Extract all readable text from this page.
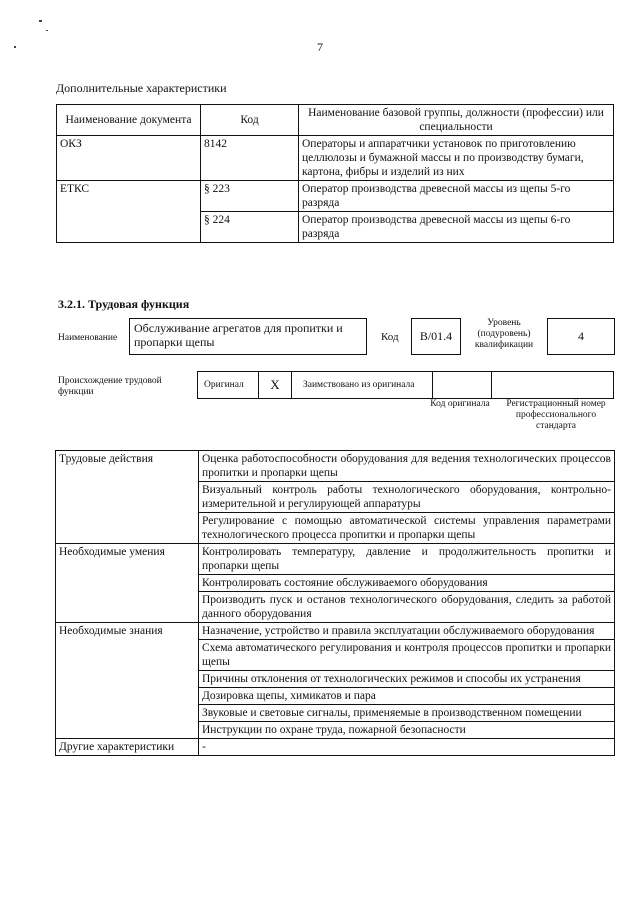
7
Дополнительные характеристики
Наименование документа	Код	Наименование базовой группы, должности (профессии) или специальности
ОКЗ	8142	Операторы и аппаратчики установок по приготовлению целлюлозы и бумажной массы и по производству бумаги, картона, фибры и изделий из них
ЕТКС	§ 223	Оператор производства древесной массы из щепы 5-го разряда
	§ 224	Оператор производства древесной массы из щепы 6-го разряда
3.2.1. Трудовая функция
Наименование
Обслуживание агрегатов для пропитки и пропарки щепы	Код	B/01.4
Уровень (подуровень) квалификации
4
Происхождение трудовой функции
Оригинал	X	Заимствовано из оригинала
Код оригинала	Регистрационный номер профессионального стандарта
Трудовые действия	Оценка работоспособности оборудования для ведения технологических процессов пропитки и пропарки щепы
	Визуальный контроль работы технологического оборудования, контрольно-измерительной и регулирующей аппаратуры
	Регулирование с помощью автоматической системы управления параметрами технологического процесса пропитки и пропарки щепы
Необходимые умения	Контролировать температуру, давление и продолжительность пропитки и пропарки щепы
	Контролировать состояние обслуживаемого оборудования
	Производить пуск и останов технологического оборудования, следить за работой данного оборудования
Необходимые знания	Назначение, устройство и правила эксплуатации обслуживаемого оборудования
	Схема автоматического регулирования и контроля процессов пропитки и пропарки щепы
	Причины отклонения от технологических режимов и способы их устранения
	Дозировка щепы, химикатов и пара
	Звуковые и световые сигналы, применяемые в производственном помещении
	Инструкции по охране труда, пожарной безопасности
Другие характеристики	-
